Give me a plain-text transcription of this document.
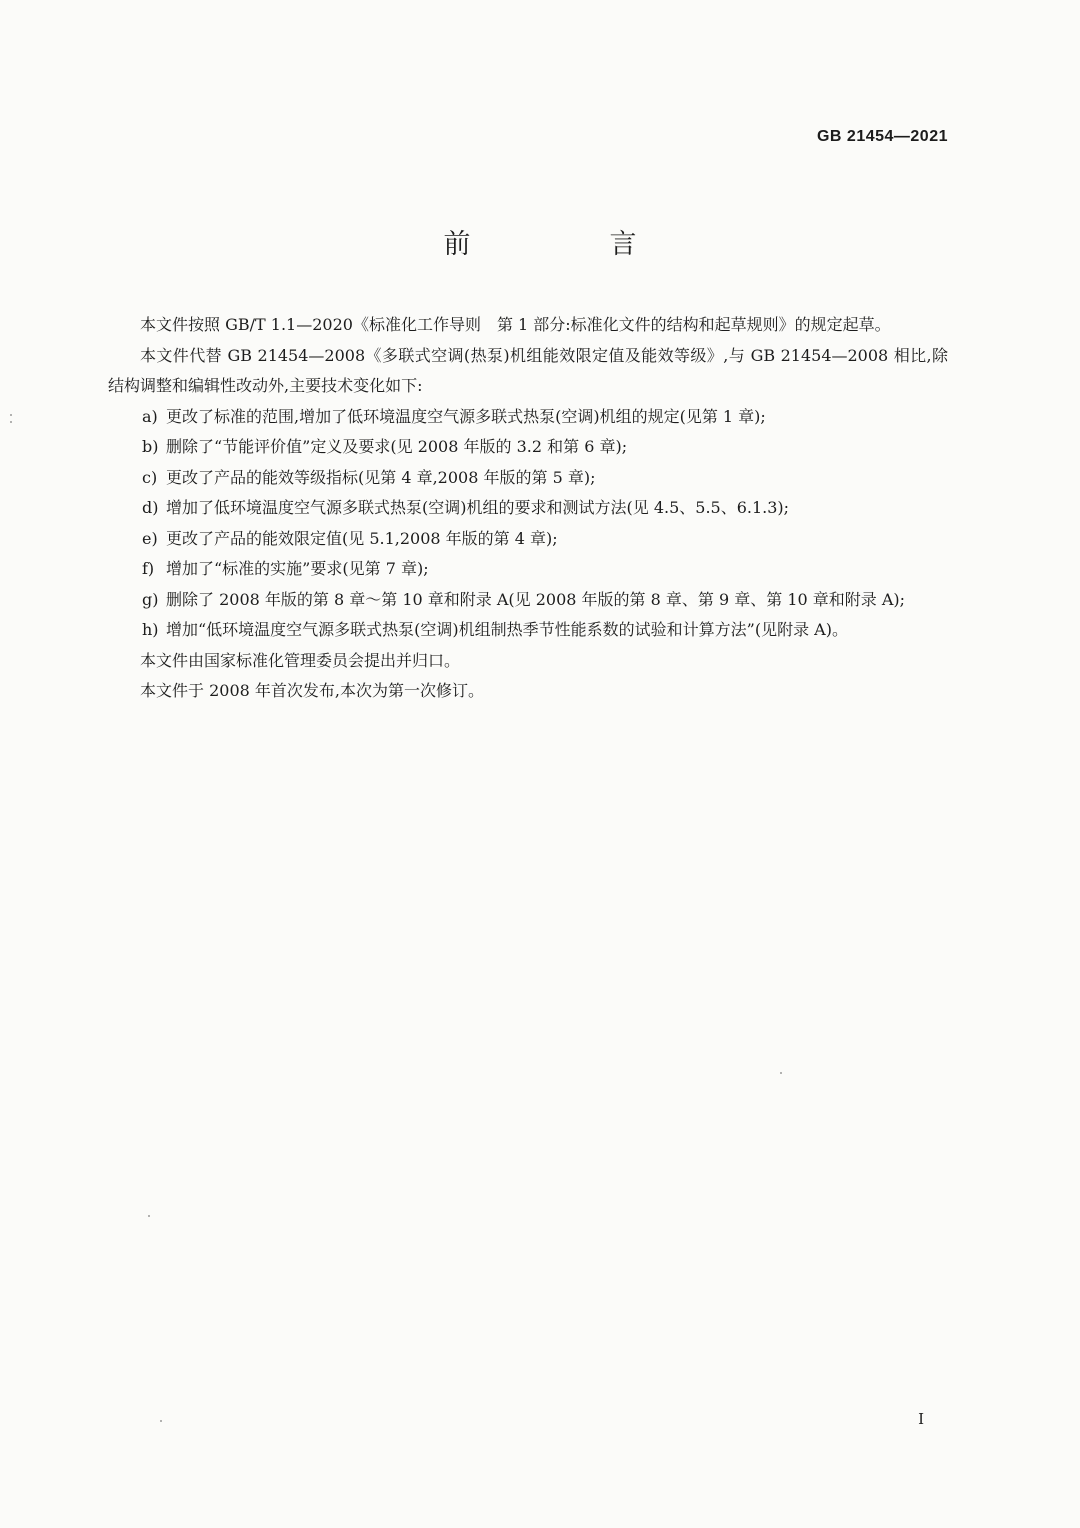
GB 21454—2021
前　言

本文件按照 GB/T 1.1—2020《标准化工作导则　第 1 部分:标准化文件的结构和起草规则》的规定起草。

本文件代替 GB 21454—2008《多联式空调(热泵)机组能效限定值及能效等级》,与 GB 21454—2008 相比,除结构调整和编辑性改动外,主要技术变化如下:

a) 更改了标准的范围,增加了低环境温度空气源多联式热泵(空调)机组的规定(见第 1 章);
b) 删除了“节能评价值”定义及要求(见 2008 年版的 3.2 和第 6 章);
c) 更改了产品的能效等级指标(见第 4 章,2008 年版的第 5 章);
d) 增加了低环境温度空气源多联式热泵(空调)机组的要求和测试方法(见 4.5、5.5、6.1.3);
e) 更改了产品的能效限定值(见 5.1,2008 年版的第 4 章);
f) 增加了“标准的实施”要求(见第 7 章);
g) 删除了 2008 年版的第 8 章～第 10 章和附录 A(见 2008 年版的第 8 章、第 9 章、第 10 章和附录 A);
h) 增加“低环境温度空气源多联式热泵(空调)机组制热季节性能系数的试验和计算方法”(见附录 A)。

本文件由国家标准化管理委员会提出并归口。

本文件于 2008 年首次发布,本次为第一次修订。

I
